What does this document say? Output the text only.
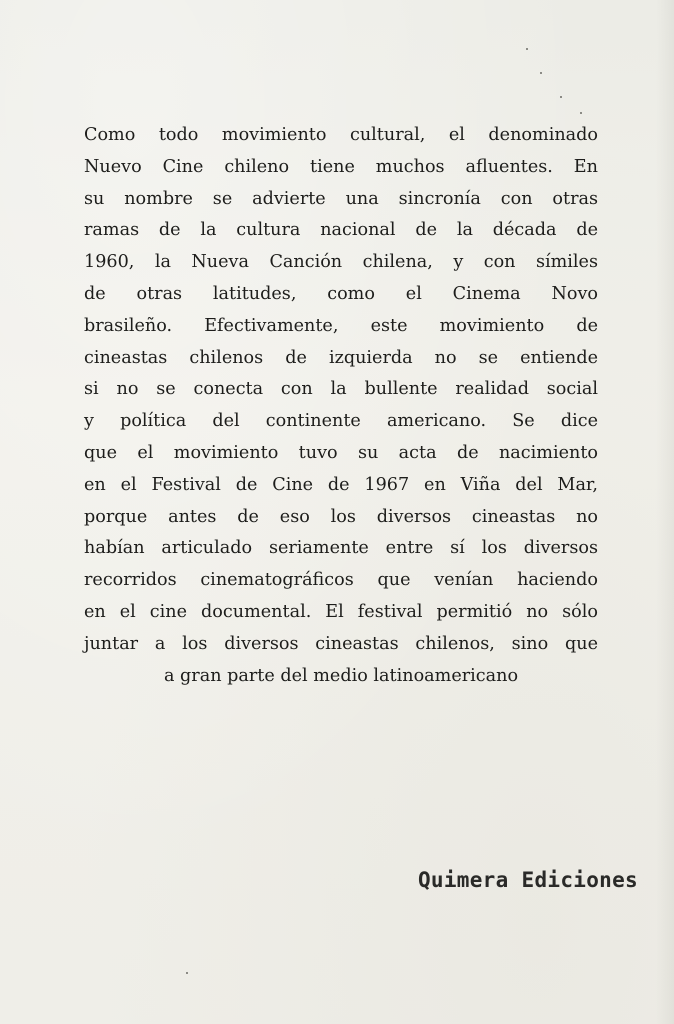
Como todo movimiento cultural, el denominado
Nuevo Cine chileno tiene muchos afluentes. En
su nombre se advierte una sincronía con otras
ramas de la cultura nacional de la década de
1960, la Nueva Canción chilena, y con símiles
de otras latitudes, como el Cinema Novo
brasileño. Efectivamente, este movimiento de
cineastas chilenos de izquierda no se entiende
si no se conecta con la bullente realidad social
y política del continente americano. Se dice
que el movimiento tuvo su acta de nacimiento
en el Festival de Cine de 1967 en Viña del Mar,
porque antes de eso los diversos cineastas no
habían articulado seriamente entre sí los diversos
recorridos cinematográficos que venían haciendo
en el cine documental. El festival permitió no sólo
juntar a los diversos cineastas chilenos, sino que
a gran parte del medio latinoamericano

Quimera Ediciones
